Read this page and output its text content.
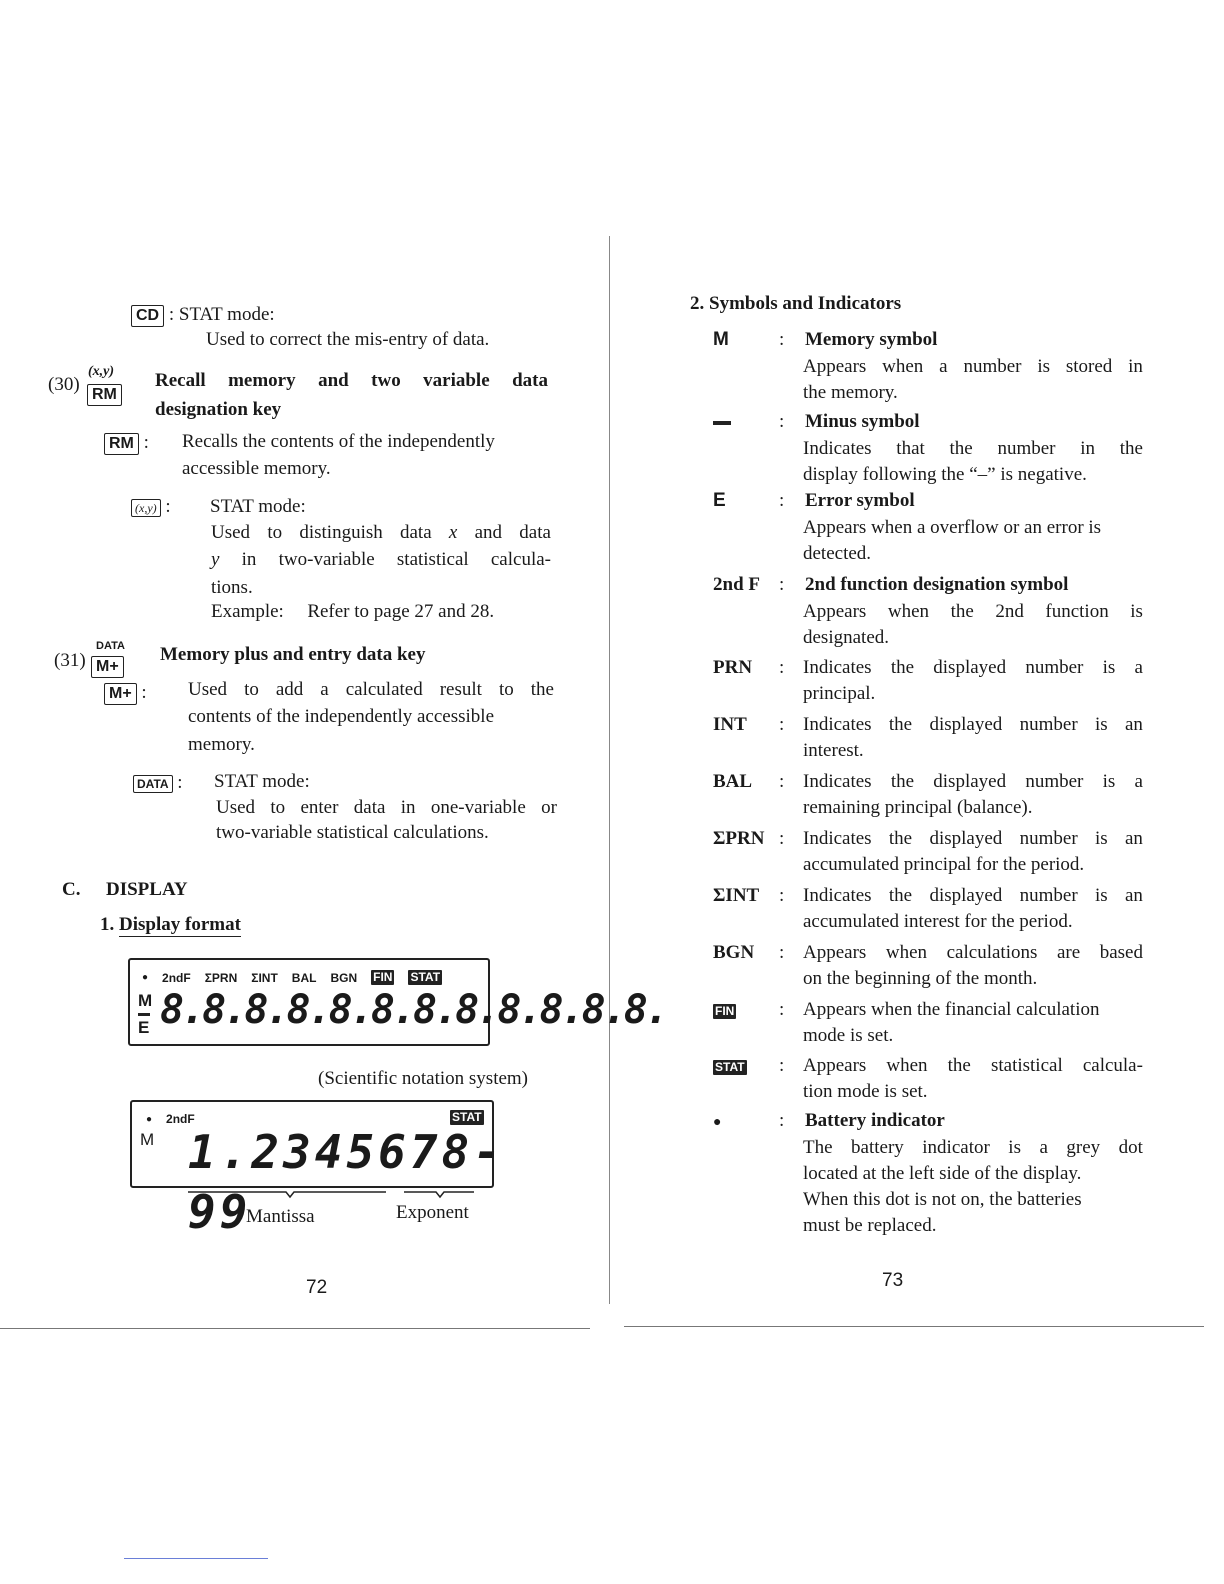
CD : STAT mode:
Used to correct the mis-entry of data.
(30)
(x,y)
RM
Recall memory and two variable data
designation key
RM : Recalls the contents of the independently
accessible memory.
(x,y) : STAT mode:
Used to distinguish data x and data
y in two-variable statistical calcula-
tions.
Example: Refer to page 27 and 28.
(31)
DATA
M+
Memory plus and entry data key
M+ : Used to add a calculated result to the
contents of the independently accessible
memory.
DATA : STAT mode:
Used to enter data in one-variable or
two-variable statistical calculations.
C. DISPLAY
1. Display format
● 2ndF ΣPRN ΣINT BAL BGN FIN STAT
M
E 8.8.8.8.8.8.8.8.8.8.8.8.
(Scientific notation system)
● 2ndF	STAT
M 1.2345678-99
Mantissa	Exponent
72
2. Symbols and Indicators
M	: Memory symbol
Appears when a number is stored in
the memory.
: Minus symbol
Indicates that the number in the
display following the “–” is negative.
E	: Error symbol
Appears when a overflow or an error is
detected.
2nd F : 2nd function designation symbol
Appears when the 2nd function is
designated.
PRN : Indicates the displayed number is a
principal.
INT : Indicates the displayed number is an
interest.
BAL : Indicates the displayed number is a
remaining principal (balance).
ΣPRN : Indicates the displayed number is an
accumulated principal for the period.
ΣINT : Indicates the displayed number is an
accumulated interest for the period.
BGN : Appears when calculations are based
on the beginning of the month.
FIN : Appears when the financial calculation
mode is set.
STAT : Appears when the statistical calcula-
tion mode is set.
●	: Battery indicator
The battery indicator is a grey dot
located at the left side of the display.
When this dot is not on, the batteries
must be replaced.
73
